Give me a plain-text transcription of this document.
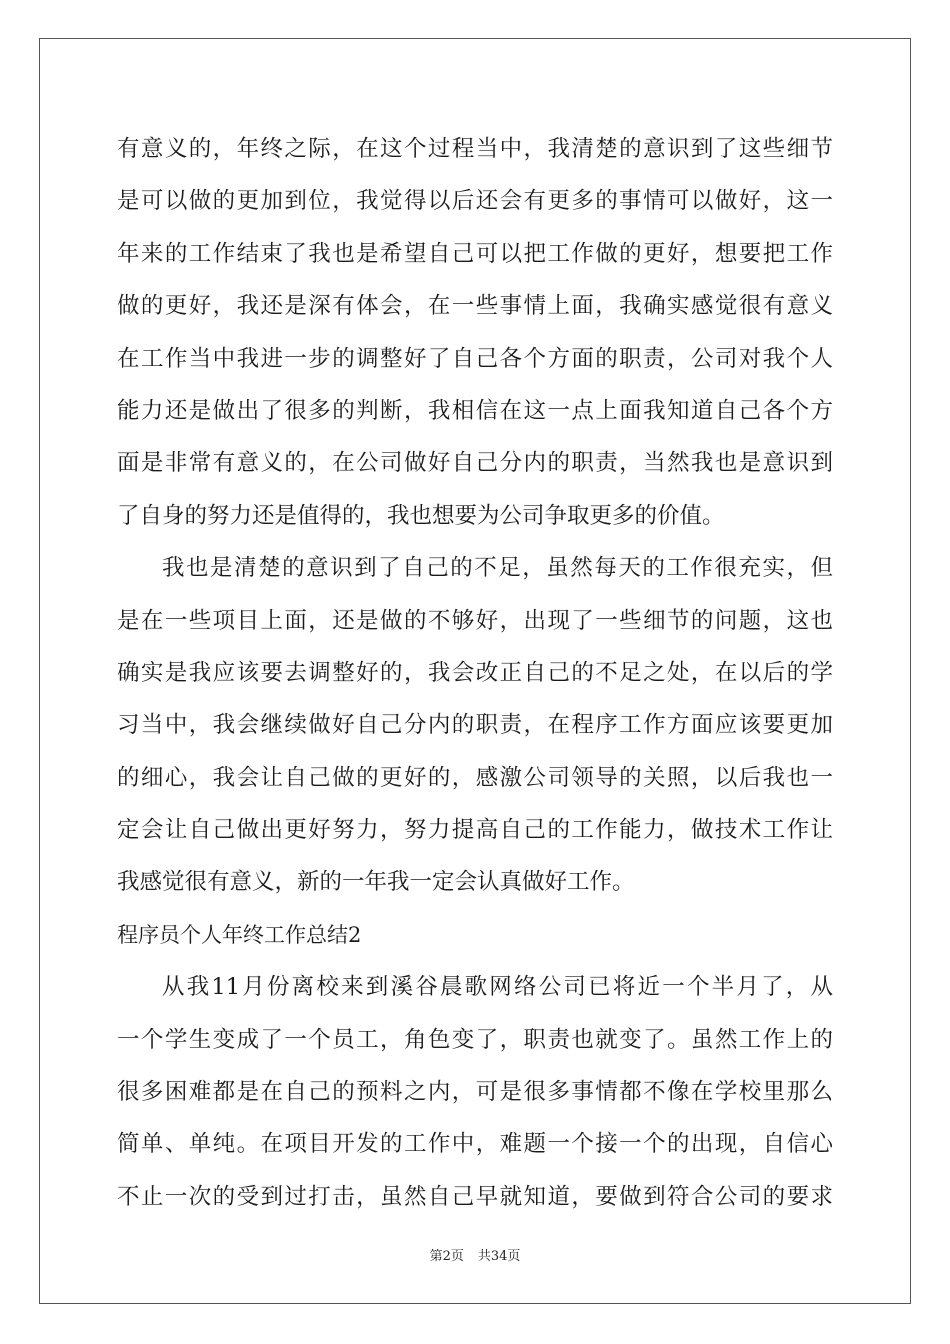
有意义的，年终之际，在这个过程当中，我清楚的意识到了这些细节
是可以做的更加到位，我觉得以后还会有更多的事情可以做好，这一
年来的工作结束了我也是希望自己可以把工作做的更好，想要把工作
做的更好，我还是深有体会，在一些事情上面，我确实感觉很有意义
在工作当中我进一步的调整好了自己各个方面的职责，公司对我个人
能力还是做出了很多的判断，我相信在这一点上面我知道自己各个方
面是非常有意义的，在公司做好自己分内的职责，当然我也是意识到
了自身的努力还是值得的，我也想要为公司争取更多的价值。
我也是清楚的意识到了自己的不足，虽然每天的工作很充实，但
是在一些项目上面，还是做的不够好，出现了一些细节的问题，这也
确实是我应该要去调整好的，我会改正自己的不足之处，在以后的学
习当中，我会继续做好自己分内的职责，在程序工作方面应该要更加
的细心，我会让自己做的更好的，感激公司领导的关照，以后我也一
定会让自己做出更好努力，努力提高自己的工作能力，做技术工作让
我感觉很有意义，新的一年我一定会认真做好工作。
程序员个人年终工作总结2
从我11月份离校来到溪谷晨歌网络公司已将近一个半月了，从
一个学生变成了一个员工，角色变了，职责也就变了。虽然工作上的
很多困难都是在自己的预料之内，可是很多事情都不像在学校里那么
简单、单纯。在项目开发的工作中，难题一个接一个的出现，自信心
不止一次的受到过打击，虽然自己早就知道，要做到符合公司的要求
第2页 共34页
